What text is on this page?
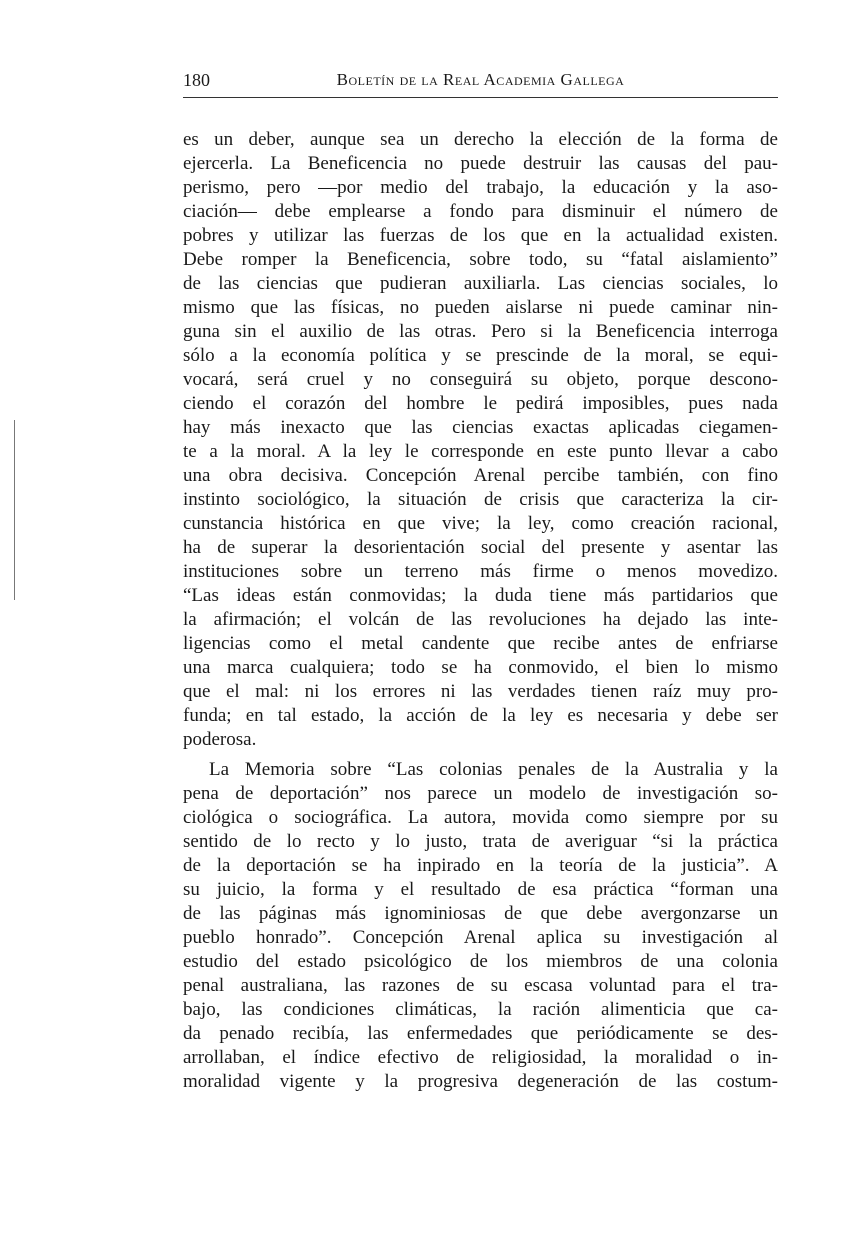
180	Boletín de la Real Academia Gallega
es un deber, aunque sea un derecho la elección de la forma de
ejercerla. La Beneficencia no puede destruir las causas del pau-
perismo, pero —por medio del trabajo, la educación y la aso-
ciación— debe emplearse a fondo para disminuir el número de
pobres y utilizar las fuerzas de los que en la actualidad existen.
Debe romper la Beneficencia, sobre todo, su “fatal aislamiento”
de las ciencias que pudieran auxiliarla. Las ciencias sociales, lo
mismo que las físicas, no pueden aislarse ni puede caminar nin-
guna sin el auxilio de las otras. Pero si la Beneficencia interroga
sólo a la economía política y se prescinde de la moral, se equi-
vocará, será cruel y no conseguirá su objeto, porque descono-
ciendo el corazón del hombre le pedirá imposibles, pues nada
hay más inexacto que las ciencias exactas aplicadas ciegamen-
te a la moral. A la ley le corresponde en este punto llevar a cabo
una obra decisiva. Concepción Arenal percibe también, con fino
instinto sociológico, la situación de crisis que caracteriza la cir-
cunstancia histórica en que vive; la ley, como creación racional,
ha de superar la desorientación social del presente y asentar las
instituciones sobre un terreno más firme o menos movedizo.
“Las ideas están conmovidas; la duda tiene más partidarios que
la afirmación; el volcán de las revoluciones ha dejado las inte-
ligencias como el metal candente que recibe antes de enfriarse
una marca cualquiera; todo se ha conmovido, el bien lo mismo
que el mal: ni los errores ni las verdades tienen raíz muy pro-
funda; en tal estado, la acción de la ley es necesaria y debe ser
poderosa.
La Memoria sobre “Las colonias penales de la Australia y la
pena de deportación” nos parece un modelo de investigación so-
ciológica o sociográfica. La autora, movida como siempre por su
sentido de lo recto y lo justo, trata de averiguar “si la práctica
de la deportación se ha inpirado en la teoría de la justicia”. A
su juicio, la forma y el resultado de esa práctica “forman una
de las páginas más ignominiosas de que debe avergonzarse un
pueblo honrado”. Concepción Arenal aplica su investigación al
estudio del estado psicológico de los miembros de una colonia
penal australiana, las razones de su escasa voluntad para el tra-
bajo, las condiciones climáticas, la ración alimenticia que ca-
da penado recibía, las enfermedades que periódicamente se des-
arrollaban, el índice efectivo de religiosidad, la moralidad o in-
moralidad vigente y la progresiva degeneración de las costum-
